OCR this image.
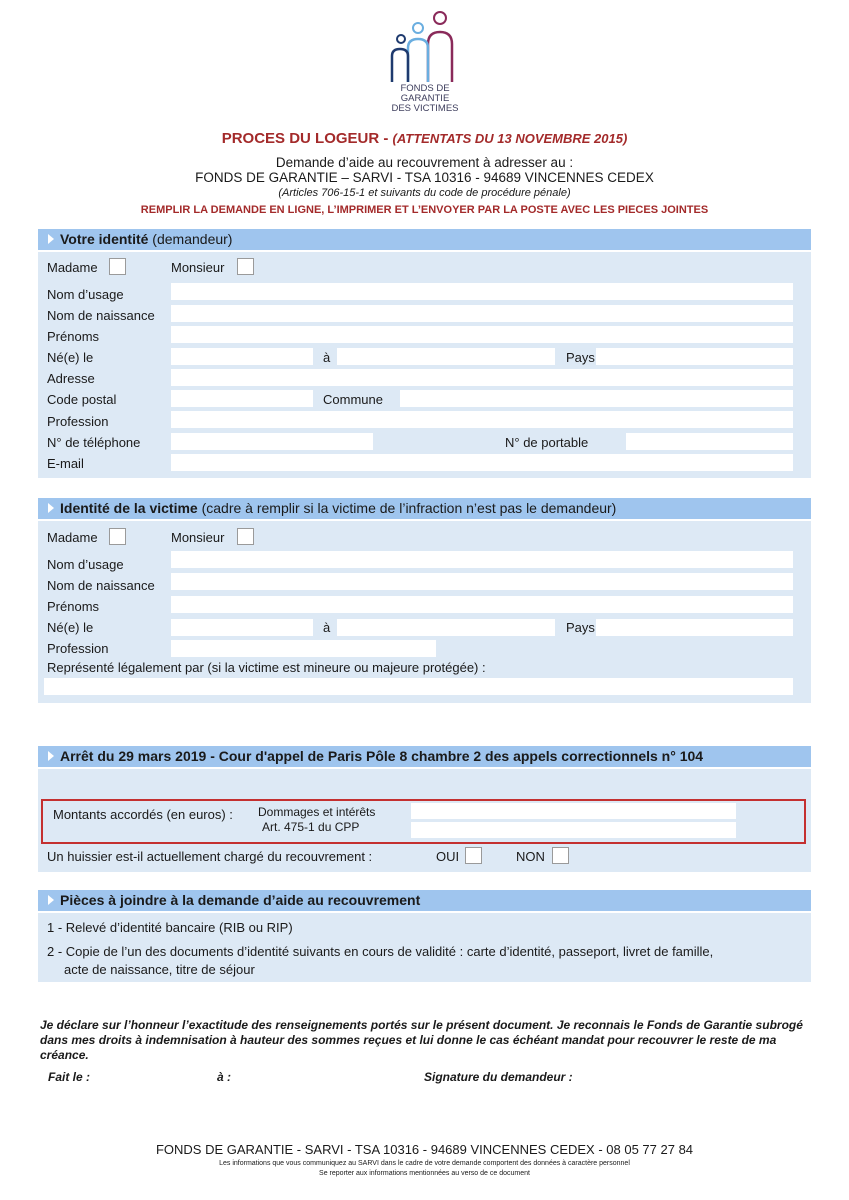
FONDS DE
GARANTIE
DES VICTIMES
PROCES DU LOGEUR - (ATTENTATS DU 13 NOVEMBRE 2015)
Demande d’aide au recouvrement à adresser au :
FONDS DE GARANTIE – SARVI - TSA 10316 - 94689 VINCENNES CEDEX
(Articles 706-15-1 et suivants du code de procédure pénale)
REMPLIR LA DEMANDE EN LIGNE, L’IMPRIMER ET L’ENVOYER PAR LA POSTE AVEC LES PIECES JOINTES
Votre identité (demandeur)
Madame	Monsieur
Nom d’usage
Nom de naissance
Prénoms
Né(e) le	à	Pays
Adresse
Code postal	Commune
Profession
N° de téléphone	N° de portable
E-mail
Identité de la victime (cadre à remplir si la victime de l’infraction n’est pas le demandeur)
Madame	Monsieur
Nom d’usage
Nom de naissance
Prénoms
Né(e) le	à	Pays
Profession
Représenté légalement par (si la victime est mineure ou majeure protégée) :
Arrêt du 29 mars 2019 - Cour d'appel de Paris Pôle 8 chambre 2 des appels correctionnels n° 104
Montants accordés (en euros) : Dommages et intérêts
Art. 475-1 du CPP
Un huissier est-il actuellement chargé du recouvrement :	OUI	NON
Pièces à joindre à la demande d’aide au recouvrement
1 - Relevé d’identité bancaire (RIB ou RIP)
2 - Copie de l’un des documents d’identité suivants en cours de validité : carte d’identité, passeport, livret de famille,
acte de naissance, titre de séjour
Je déclare sur l’honneur l’exactitude des renseignements portés sur le présent document. Je reconnais le Fonds de Garantie subrogé dans mes droits à indemnisation à hauteur des sommes reçues et lui donne le cas échéant mandat pour recouvrer le reste de ma créance.
Fait le :	à :	Signature du demandeur :
FONDS DE GARANTIE - SARVI - TSA 10316 - 94689 VINCENNES CEDEX - 08 05 77 27 84
Les informations que vous communiquez au SARVI dans le cadre de votre demande comportent des données à caractère personnel
Se reporter aux informations mentionnées au verso de ce document
